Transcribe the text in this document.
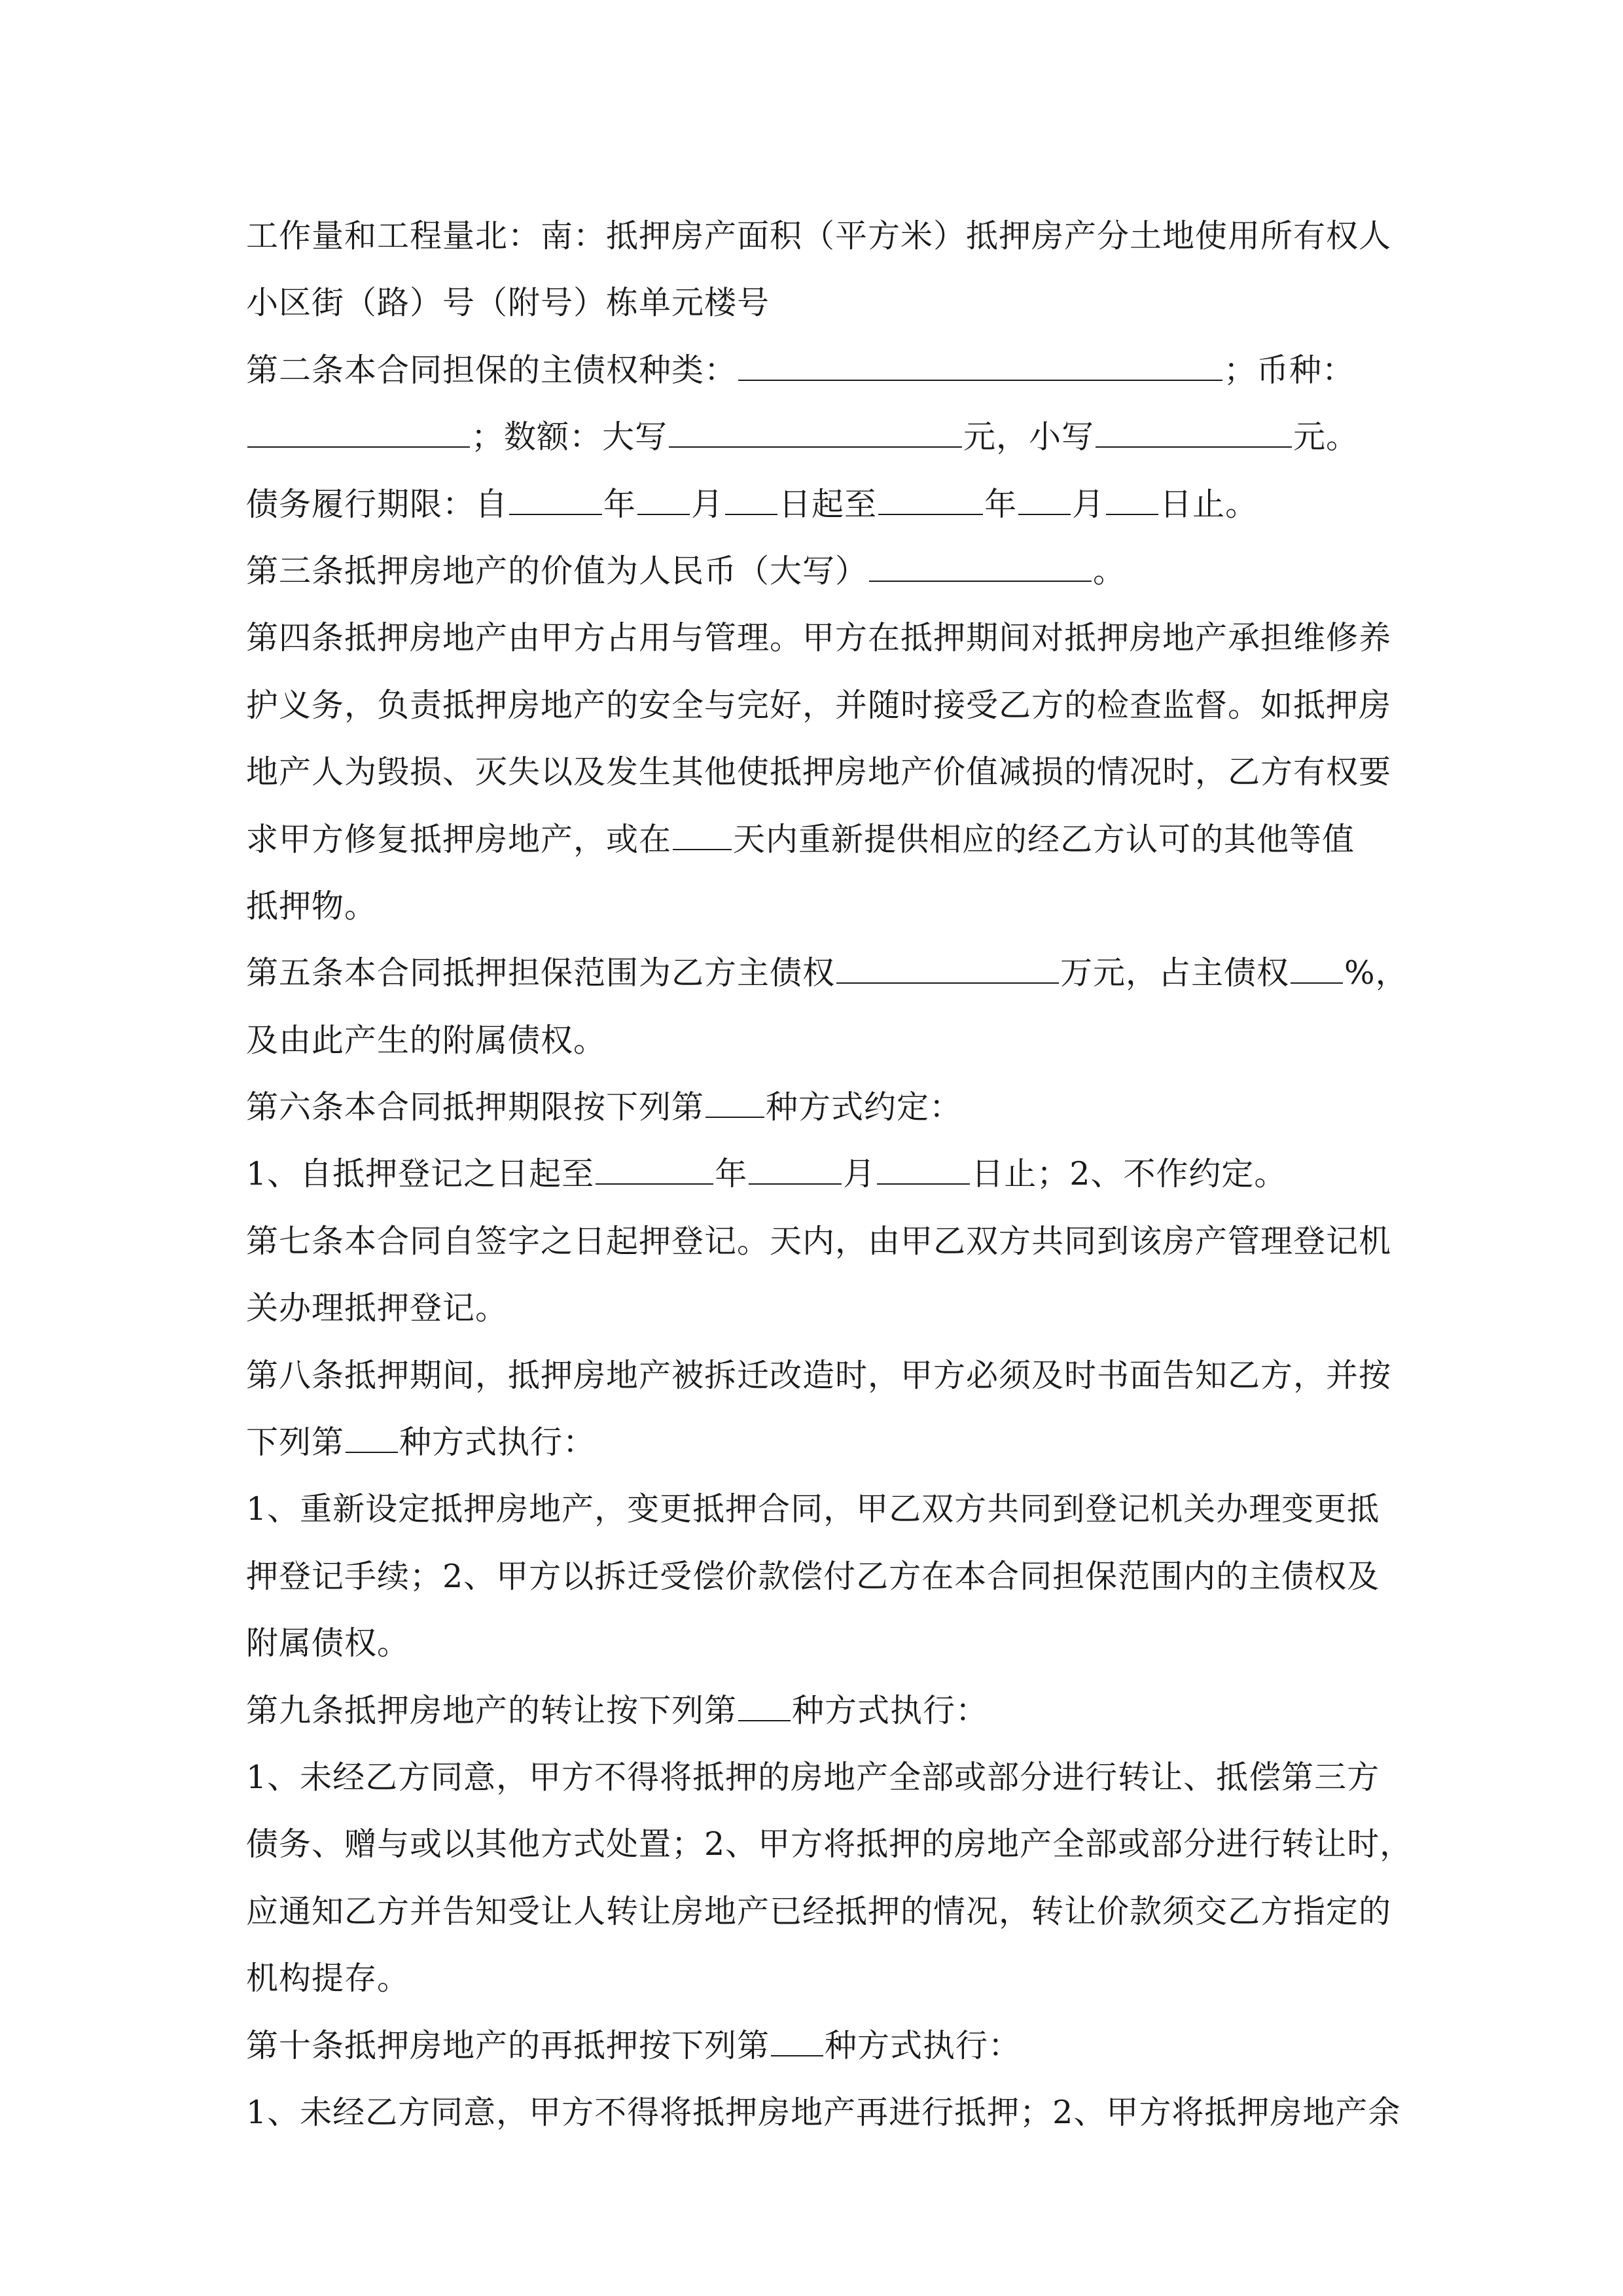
工作量和工程量北：南：抵押房产面积（平方米）抵押房产分土地使用所有权人
小区街（路）号（附号）栋单元楼号
第二条本合同担保的主债权种类：	；币种：
；数额：大写	元，小写	元。
债务履行期限：自	年 月 日起至	年 月 日止。
第三条抵押房地产的价值为人民币（大写）	。
第四条抵押房地产由甲方占用与管理。甲方在抵押期间对抵押房地产承担维修养
护义务，负责抵押房地产的安全与完好，并随时接受乙方的检查监督。如抵押房
地产人为毁损、灭失以及发生其他使抵押房地产价值减损的情况时，乙方有权要
求甲方修复抵押房地产，或在 天内重新提供相应的经乙方认可的其他等值
抵押物。
第五条本合同抵押担保范围为乙方主债权	万元，占主债权 %，
及由此产生的附属债权。
第六条本合同抵押期限按下列第 种方式约定：
1、自抵押登记之日起至	年	月	日止；2、不作约定。
第七条本合同自签字之日起押登记。天内，由甲乙双方共同到该房产管理登记机
关办理抵押登记。
第八条抵押期间，抵押房地产被拆迁改造时，甲方必须及时书面告知乙方，并按
下列第 种方式执行：
1、重新设定抵押房地产，变更抵押合同，甲乙双方共同到登记机关办理变更抵
押登记手续；2、甲方以拆迁受偿价款偿付乙方在本合同担保范围内的主债权及
附属债权。
第九条抵押房地产的转让按下列第 种方式执行：
1、未经乙方同意，甲方不得将抵押的房地产全部或部分进行转让、抵偿第三方
债务、赠与或以其他方式处置；2、甲方将抵押的房地产全部或部分进行转让时，
应通知乙方并告知受让人转让房地产已经抵押的情况，转让价款须交乙方指定的
机构提存。
第十条抵押房地产的再抵押按下列第 种方式执行：
1、未经乙方同意，甲方不得将抵押房地产再进行抵押；2、甲方将抵押房地产余
